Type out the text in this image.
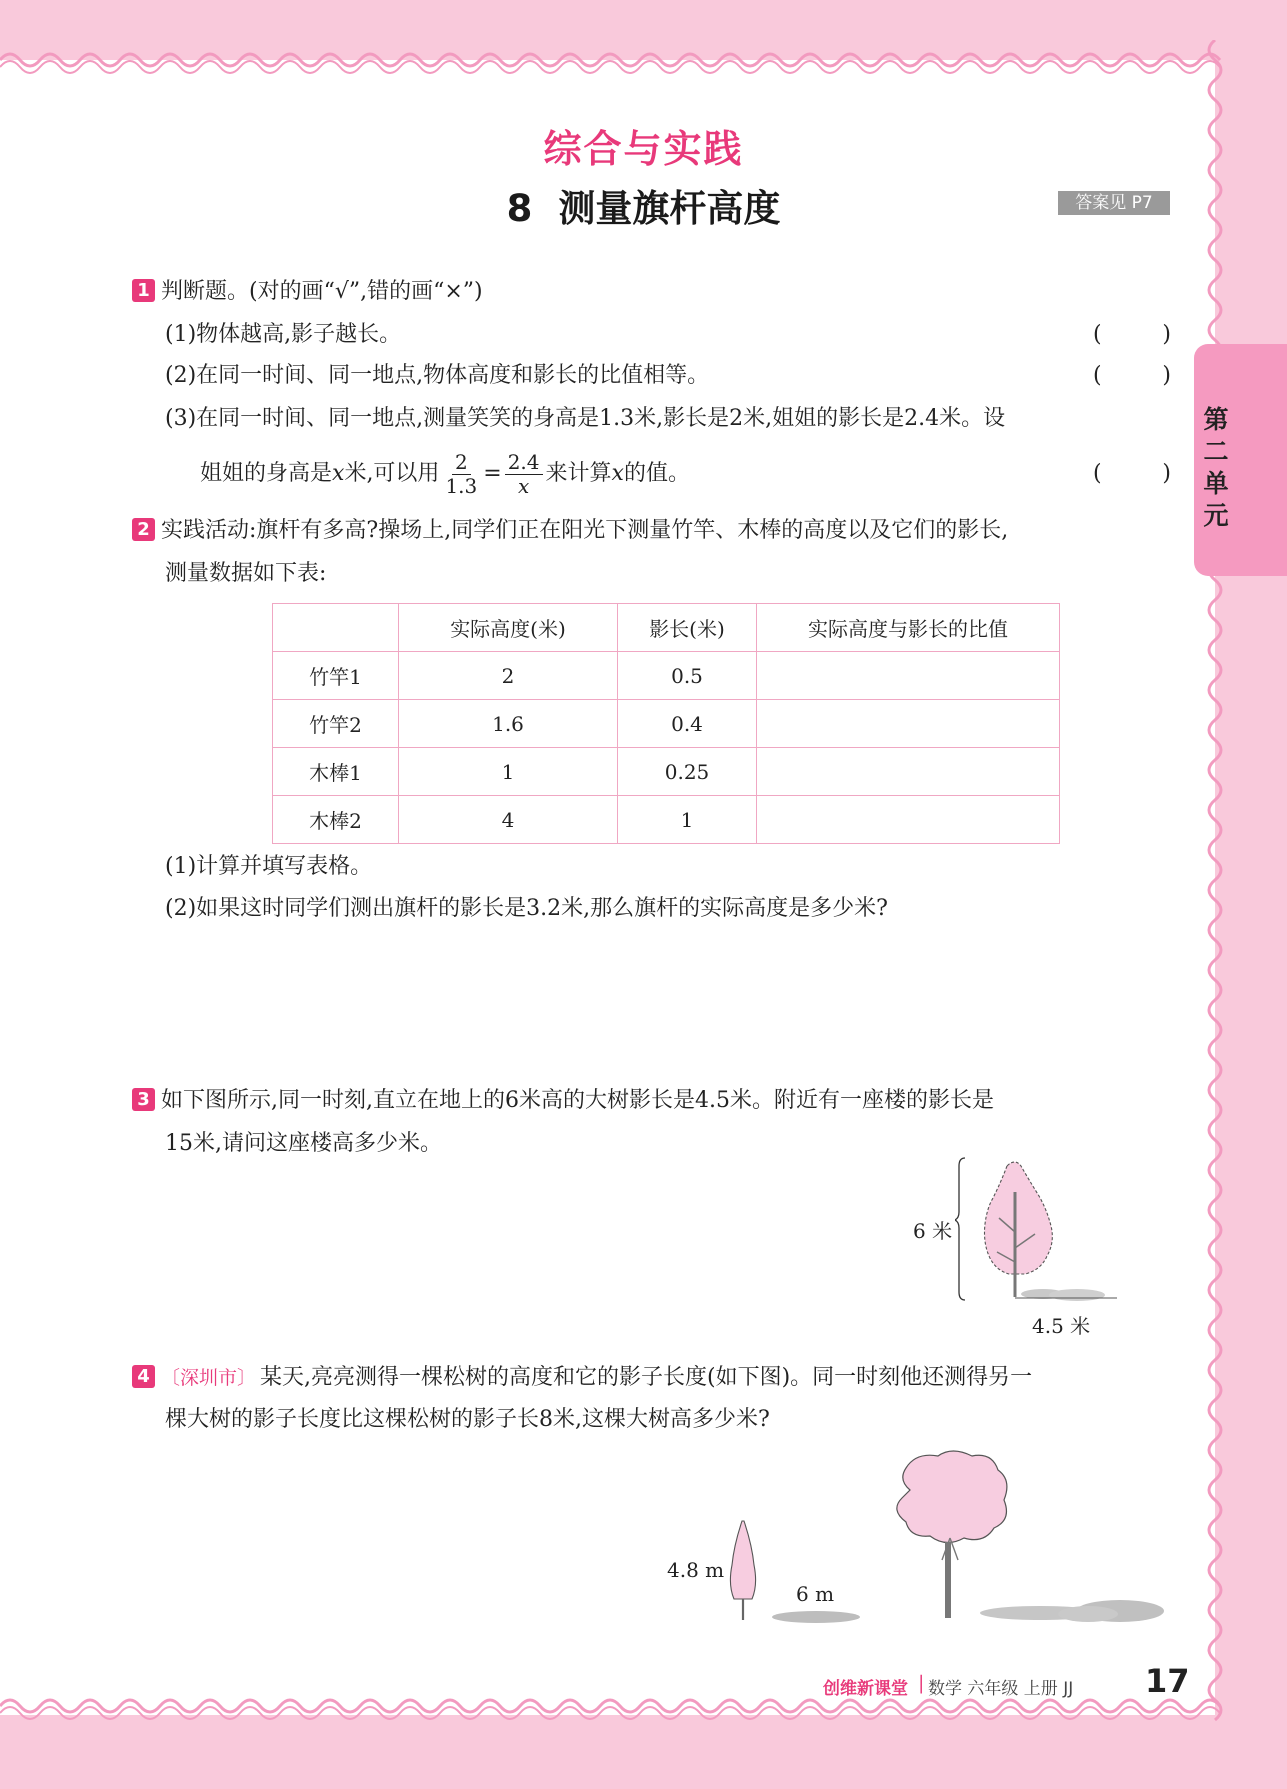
综合与实践
8 测量旗杆高度	答案见 P7
第二单元
1 判断题。(对的画“√”,错的画“×”)
(1)物体越高,影子越长。	(	)
(2)在同一时间、同一地点,物体高度和影长的比值相等。	(	)
(3)在同一时间、同一地点,测量笑笑的身高是1.3米,影长是2米,姐姐的影长是2.4米。设
姐姐的身高是x米,可以用 $\frac{2}{1.3} = \frac{2.4}{x}$ 来计算x的值。	(	)
2 实践活动:旗杆有多高?操场上,同学们正在阳光下测量竹竿、木棒的高度以及它们的影长,
测量数据如下表:
	实际高度(米)	影长(米)	实际高度与影长的比值
竹竿1	2	0.5	
竹竿2	1.6	0.4	
木棒1	1	0.25	
木棒2	4	1	
(1)计算并填写表格。
(2)如果这时同学们测出旗杆的影长是3.2米,那么旗杆的实际高度是多少米?
3 如下图所示,同一时刻,直立在地上的6米高的大树影长是4.5米。附近有一座楼的影长是
15米,请问这座楼高多少米。
6 米
4.5 米
4 〔深圳市〕 某天,亮亮测得一棵松树的高度和它的影子长度(如下图)。同一时刻他还测得另一
棵大树的影子长度比这棵松树的影子长8米,这棵大树高多少米?
4.8 m
6 m
创维新课堂 | 数学 六年级 上册 JJ 17
